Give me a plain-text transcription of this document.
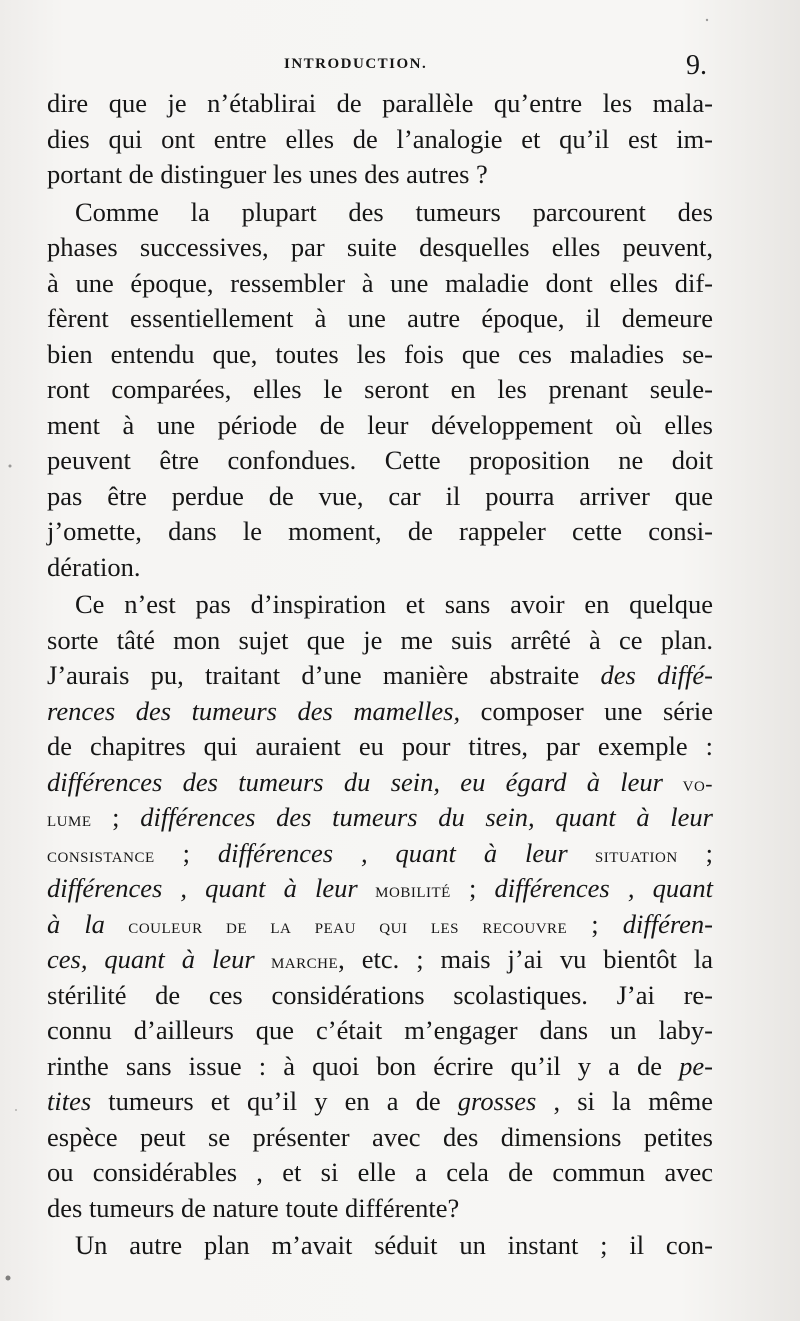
INTRODUCTION.	9.
dire que je n’établirai de parallèle qu’entre les mala-
dies qui ont entre elles de l’analogie et qu’il est im-
portant de distinguer les unes des autres ?
Comme la plupart des tumeurs parcourent des
phases successives, par suite desquelles elles peuvent,
à une époque, ressembler à une maladie dont elles dif-
fèrent essentiellement à une autre époque, il demeure
bien entendu que, toutes les fois que ces maladies se-
ront comparées, elles le seront en les prenant seule-
ment à une période de leur développement où elles
peuvent être confondues. Cette proposition ne doit
pas être perdue de vue, car il pourra arriver que
j’omette, dans le moment, de rappeler cette consi-
dération.
Ce n’est pas d’inspiration et sans avoir en quelque
sorte tâté mon sujet que je me suis arrêté à ce plan.
J’aurais pu, traitant d’une manière abstraite des diffé-
rences des tumeurs des mamelles, composer une série
de chapitres qui auraient eu pour titres, par exemple :
différences des tumeurs du sein, eu égard à leur vo-
lume ; différences des tumeurs du sein, quant à leur
consistance ; différences , quant à leur situation ;
différences , quant à leur mobilité ; différences , quant
à la couleur de la peau qui les recouvre ; différen-
ces, quant à leur marche, etc. ; mais j’ai vu bientôt la
stérilité de ces considérations scolastiques. J’ai re-
connu d’ailleurs que c’était m’engager dans un laby-
rinthe sans issue : à quoi bon écrire qu’il y a de pe-
tites tumeurs et qu’il y en a de grosses , si la même
espèce peut se présenter avec des dimensions petites
ou considérables , et si elle a cela de commun avec
des tumeurs de nature toute différente?
Un autre plan m’avait séduit un instant ; il con-
